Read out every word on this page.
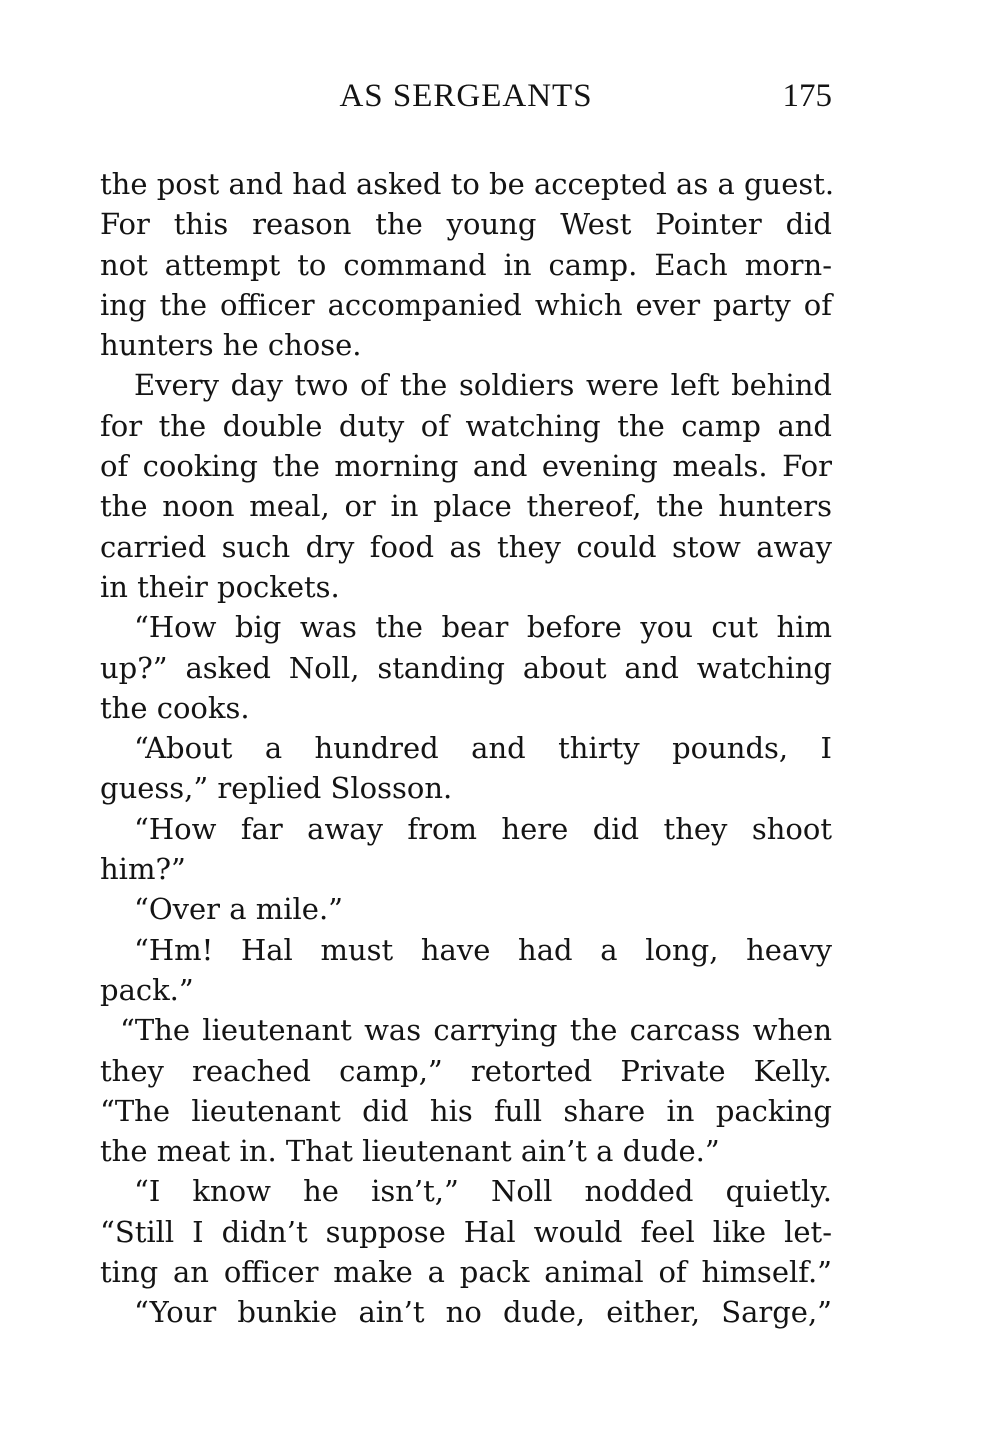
AS SERGEANTS	175
the post and had asked to be accepted as a guest.
For this reason the young West Pointer did
not attempt to command in camp. Each morn-
ing the officer accompanied which ever party of
hunters he chose.
Every day two of the soldiers were left behind
for the double duty of watching the camp and
of cooking the morning and evening meals. For
the noon meal, or in place thereof, the hunters
carried such dry food as they could stow away
in their pockets.
“How big was the bear before you cut him
up?” asked Noll, standing about and watching
the cooks.
“About a hundred and thirty pounds, I
guess,” replied Slosson.
“How far away from here did they shoot
him?”
“Over a mile.”
“Hm! Hal must have had a long, heavy
pack.”
“The lieutenant was carrying the carcass when
they reached camp,” retorted Private Kelly.
“The lieutenant did his full share in packing
the meat in. That lieutenant ain’t a dude.”
“I know he isn’t,” Noll nodded quietly.
“Still I didn’t suppose Hal would feel like let-
ting an officer make a pack animal of himself.”
“Your bunkie ain’t no dude, either, Sarge,”
